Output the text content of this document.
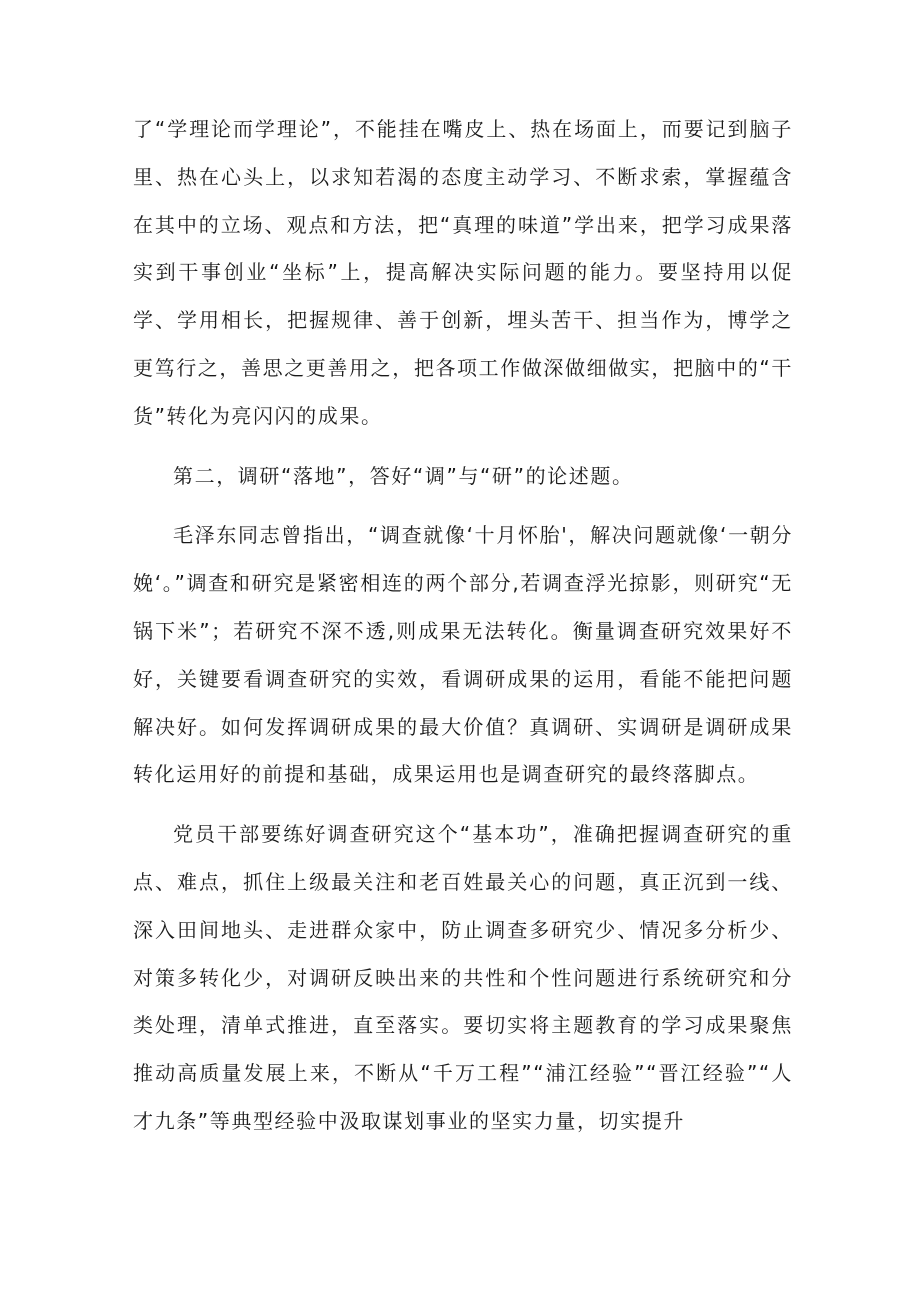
了“学理论而学理论”，不能挂在嘴皮上、热在场面上，而要记到脑子里、热在心头上，以求知若渴的态度主动学习、不断求索，掌握蕴含在其中的立场、观点和方法，把“真理的味道”学出来，把学习成果落实到干事创业“坐标”上，提高解决实际问题的能力。要坚持用以促学、学用相长，把握规律、善于创新，埋头苦干、担当作为，博学之更笃行之，善思之更善用之，把各项工作做深做细做实，把脑中的“干货”转化为亮闪闪的成果。

第二，调研“落地”，答好“调”与“研”的论述题。

毛泽东同志曾指出，“调查就像‘十月怀胎'，解决问题就像‘一朝分娩‘。”调查和研究是紧密相连的两个部分,若调查浮光掠影，则研究“无锅下米”；若研究不深不透,则成果无法转化。衡量调查研究效果好不好，关键要看调查研究的实效，看调研成果的运用，看能不能把问题解决好。如何发挥调研成果的最大价值？真调研、实调研是调研成果转化运用好的前提和基础，成果运用也是调查研究的最终落脚点。

党员干部要练好调查研究这个“基本功”，准确把握调查研究的重点、难点，抓住上级最关注和老百姓最关心的问题，真正沉到一线、深入田间地头、走进群众家中，防止调查多研究少、情况多分析少、对策多转化少，对调研反映出来的共性和个性问题进行系统研究和分类处理，清单式推进，直至落实。要切实将主题教育的学习成果聚焦推动高质量发展上来，不断从“千万工程”“浦江经验”“晋江经验”“人才九条”等典型经验中汲取谋划事业的坚实力量，切实提升
